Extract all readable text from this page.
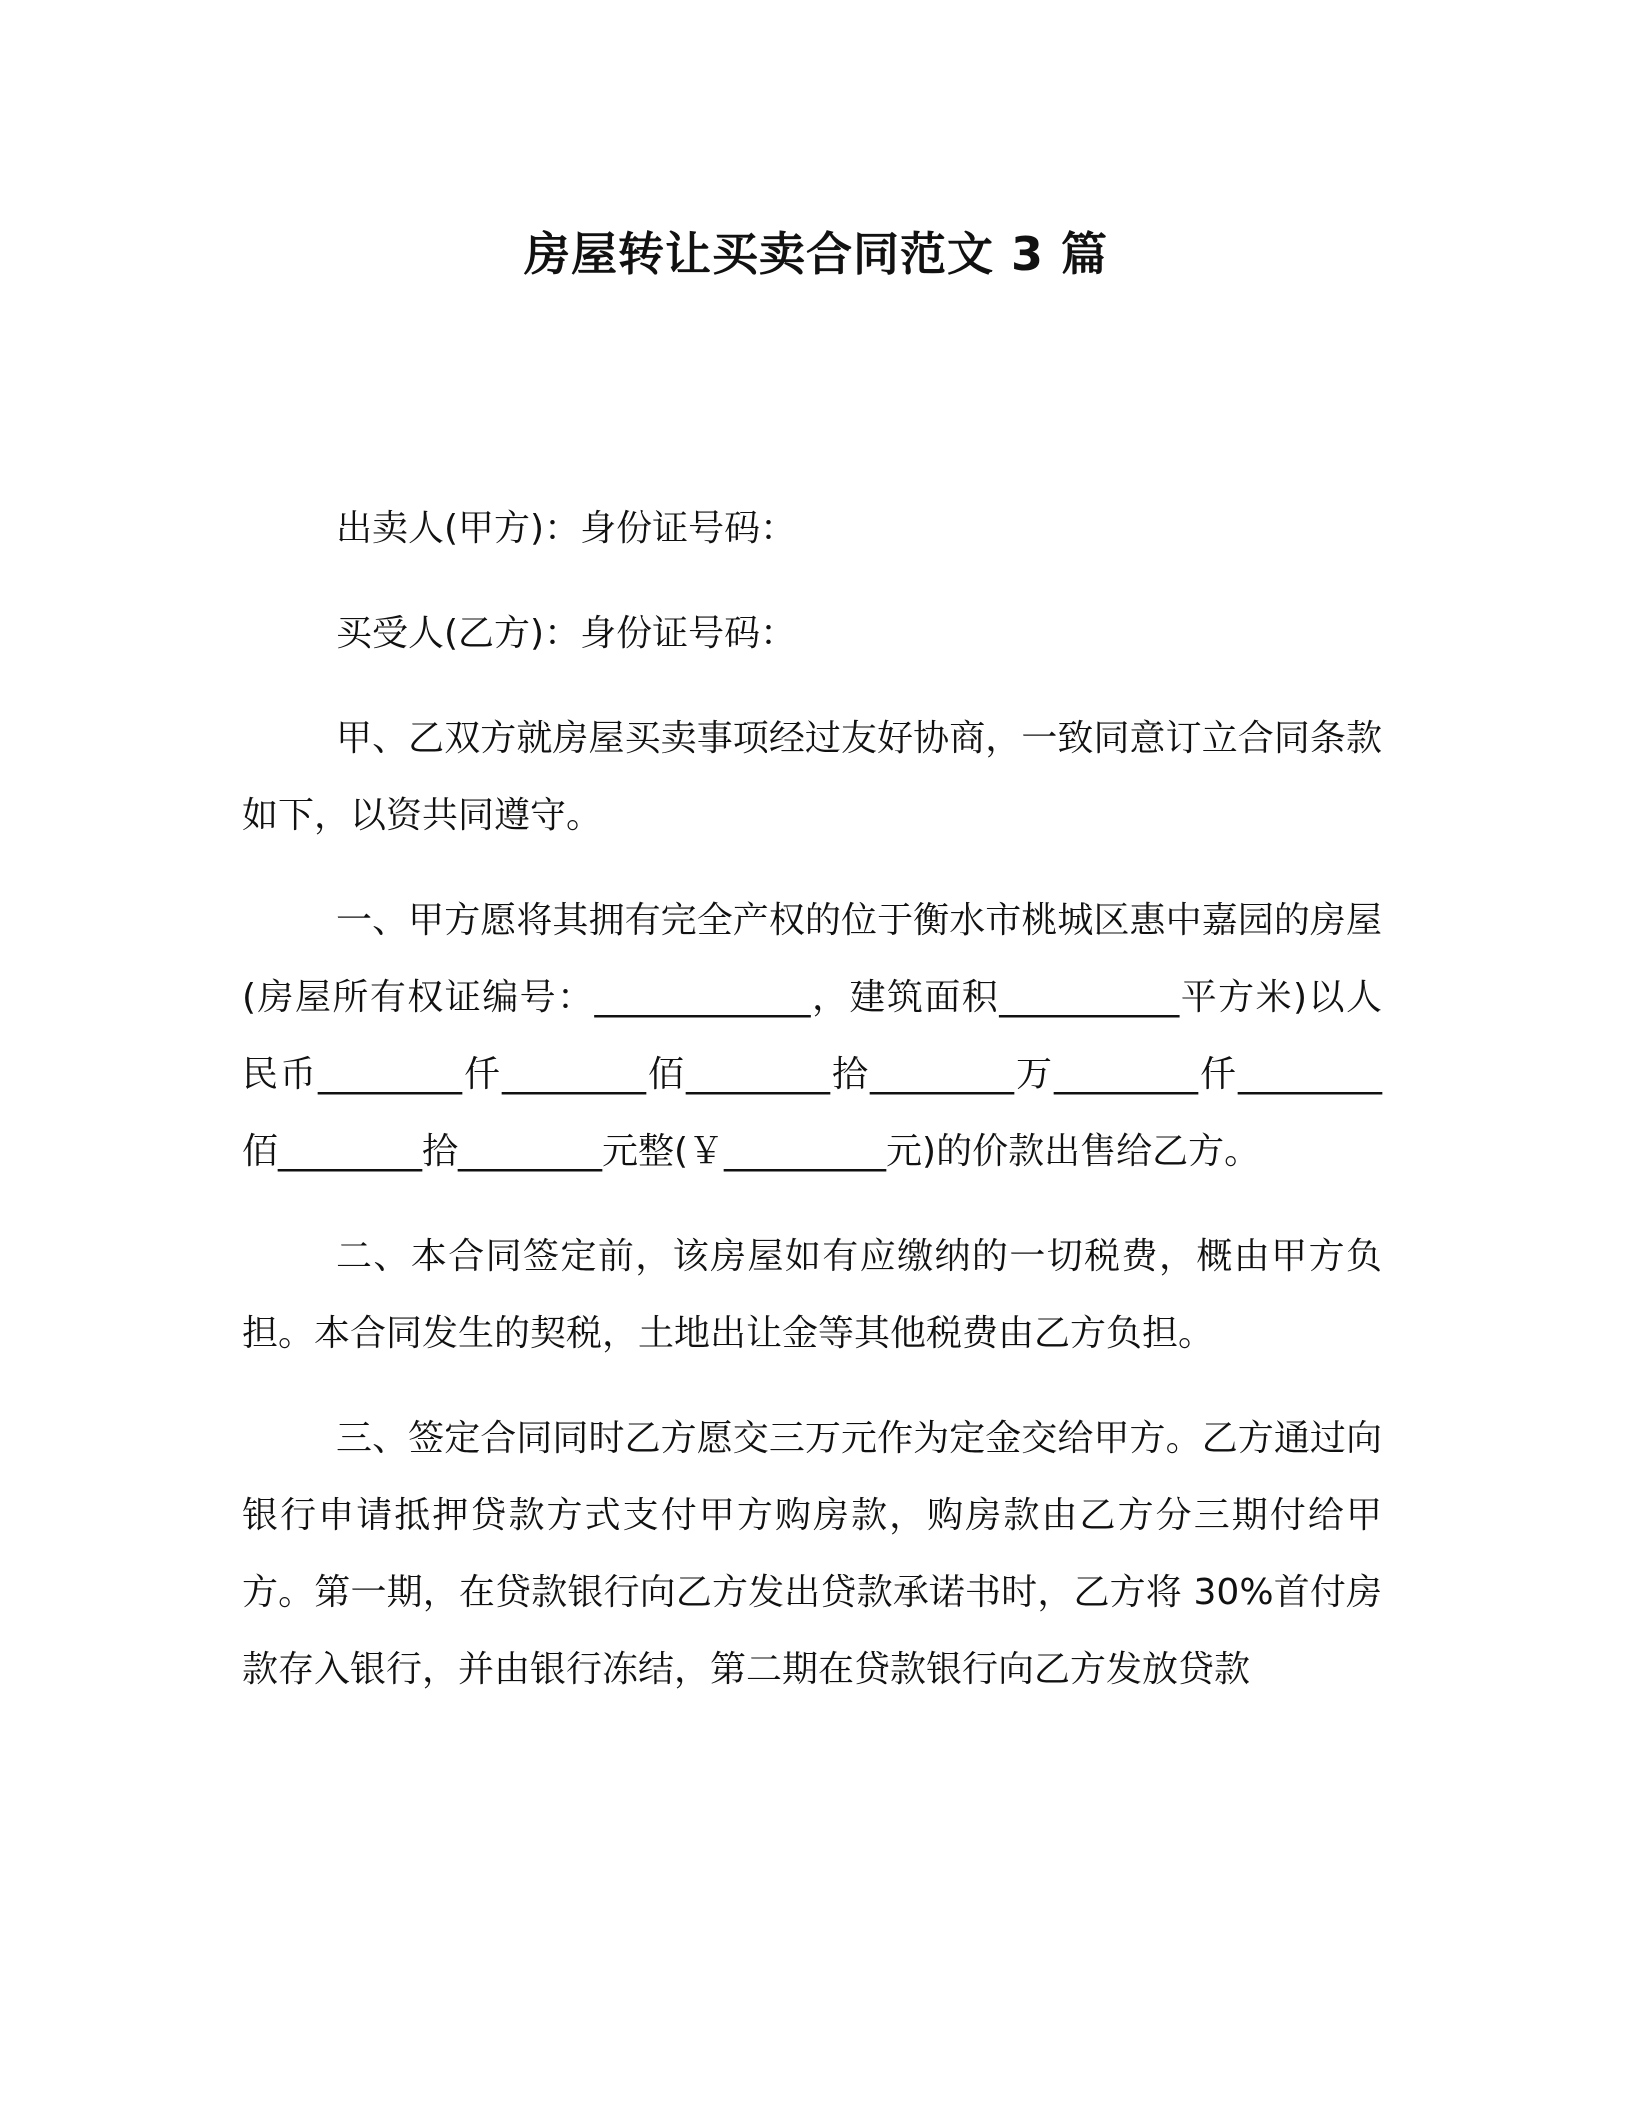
房屋转让买卖合同范文 3 篇

出卖人(甲方)：身份证号码：

买受人(乙方)：身份证号码：

甲、乙双方就房屋买卖事项经过友好协商，一致同意订立合同条款如下，以资共同遵守。

一、甲方愿将其拥有完全产权的位于衡水市桃城区惠中嘉园的房屋(房屋所有权证编号：____________，建筑面积__________平方米)以人民币________仟________佰________拾________万________仟________佰________拾________元整(￥_________元)的价款出售给乙方。

二、本合同签定前，该房屋如有应缴纳的一切税费，概由甲方负担。本合同发生的契税，土地出让金等其他税费由乙方负担。

三、签定合同同时乙方愿交三万元作为定金交给甲方。乙方通过向银行申请抵押贷款方式支付甲方购房款，购房款由乙方分三期付给甲方。第一期，在贷款银行向乙方发出贷款承诺书时，乙方将 30%首付房款存入银行，并由银行冻结，第二期在贷款银行向乙方发放贷款
